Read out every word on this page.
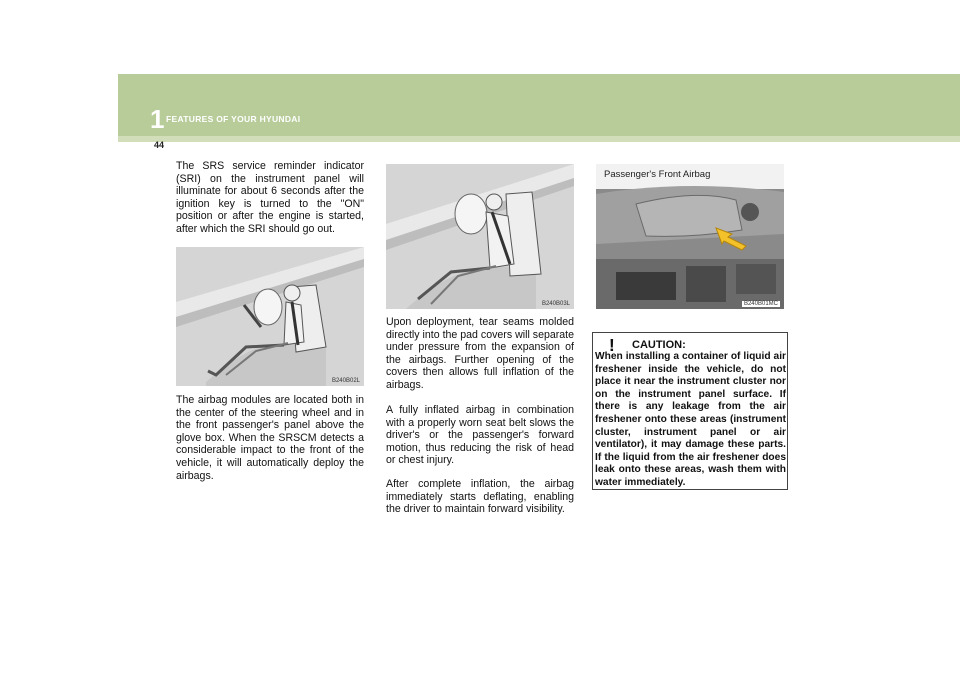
1 FEATURES OF YOUR HYUNDAI
44

The SRS service reminder indicator (SRI) on the instrument panel will illuminate for about 6 seconds after the ignition key is turned to the "ON" position or after the engine is started, after which the SRI should go out.

B240B02L

The airbag modules are located both in the center of the steering wheel and in the front passenger's panel above the glove box. When the SRSCM detects a considerable impact to the front of the vehicle, it will automatically deploy the airbags.

B240B03L

Upon deployment, tear seams molded directly into the pad covers will separate under pressure from the expansion of the airbags. Further opening of the covers then allows full inflation of the airbags.

A fully inflated airbag in combination with a properly worn seat belt slows the driver's or the passenger's forward motion, thus reducing the risk of head or chest injury.

After complete inflation, the airbag immediately starts deflating, enabling the driver to maintain forward visibility.

B240B01MC
Passenger's Front Airbag
! CAUTION:

When installing a container of liquid air freshener inside the vehicle, do not place it near the instrument cluster nor on the instrument panel surface. If there is any leakage from the air freshener onto these areas (instrument cluster, instrument panel or air ventilator), it may damage these parts. If the liquid from the air freshener does leak onto these areas, wash them with water immediately.
